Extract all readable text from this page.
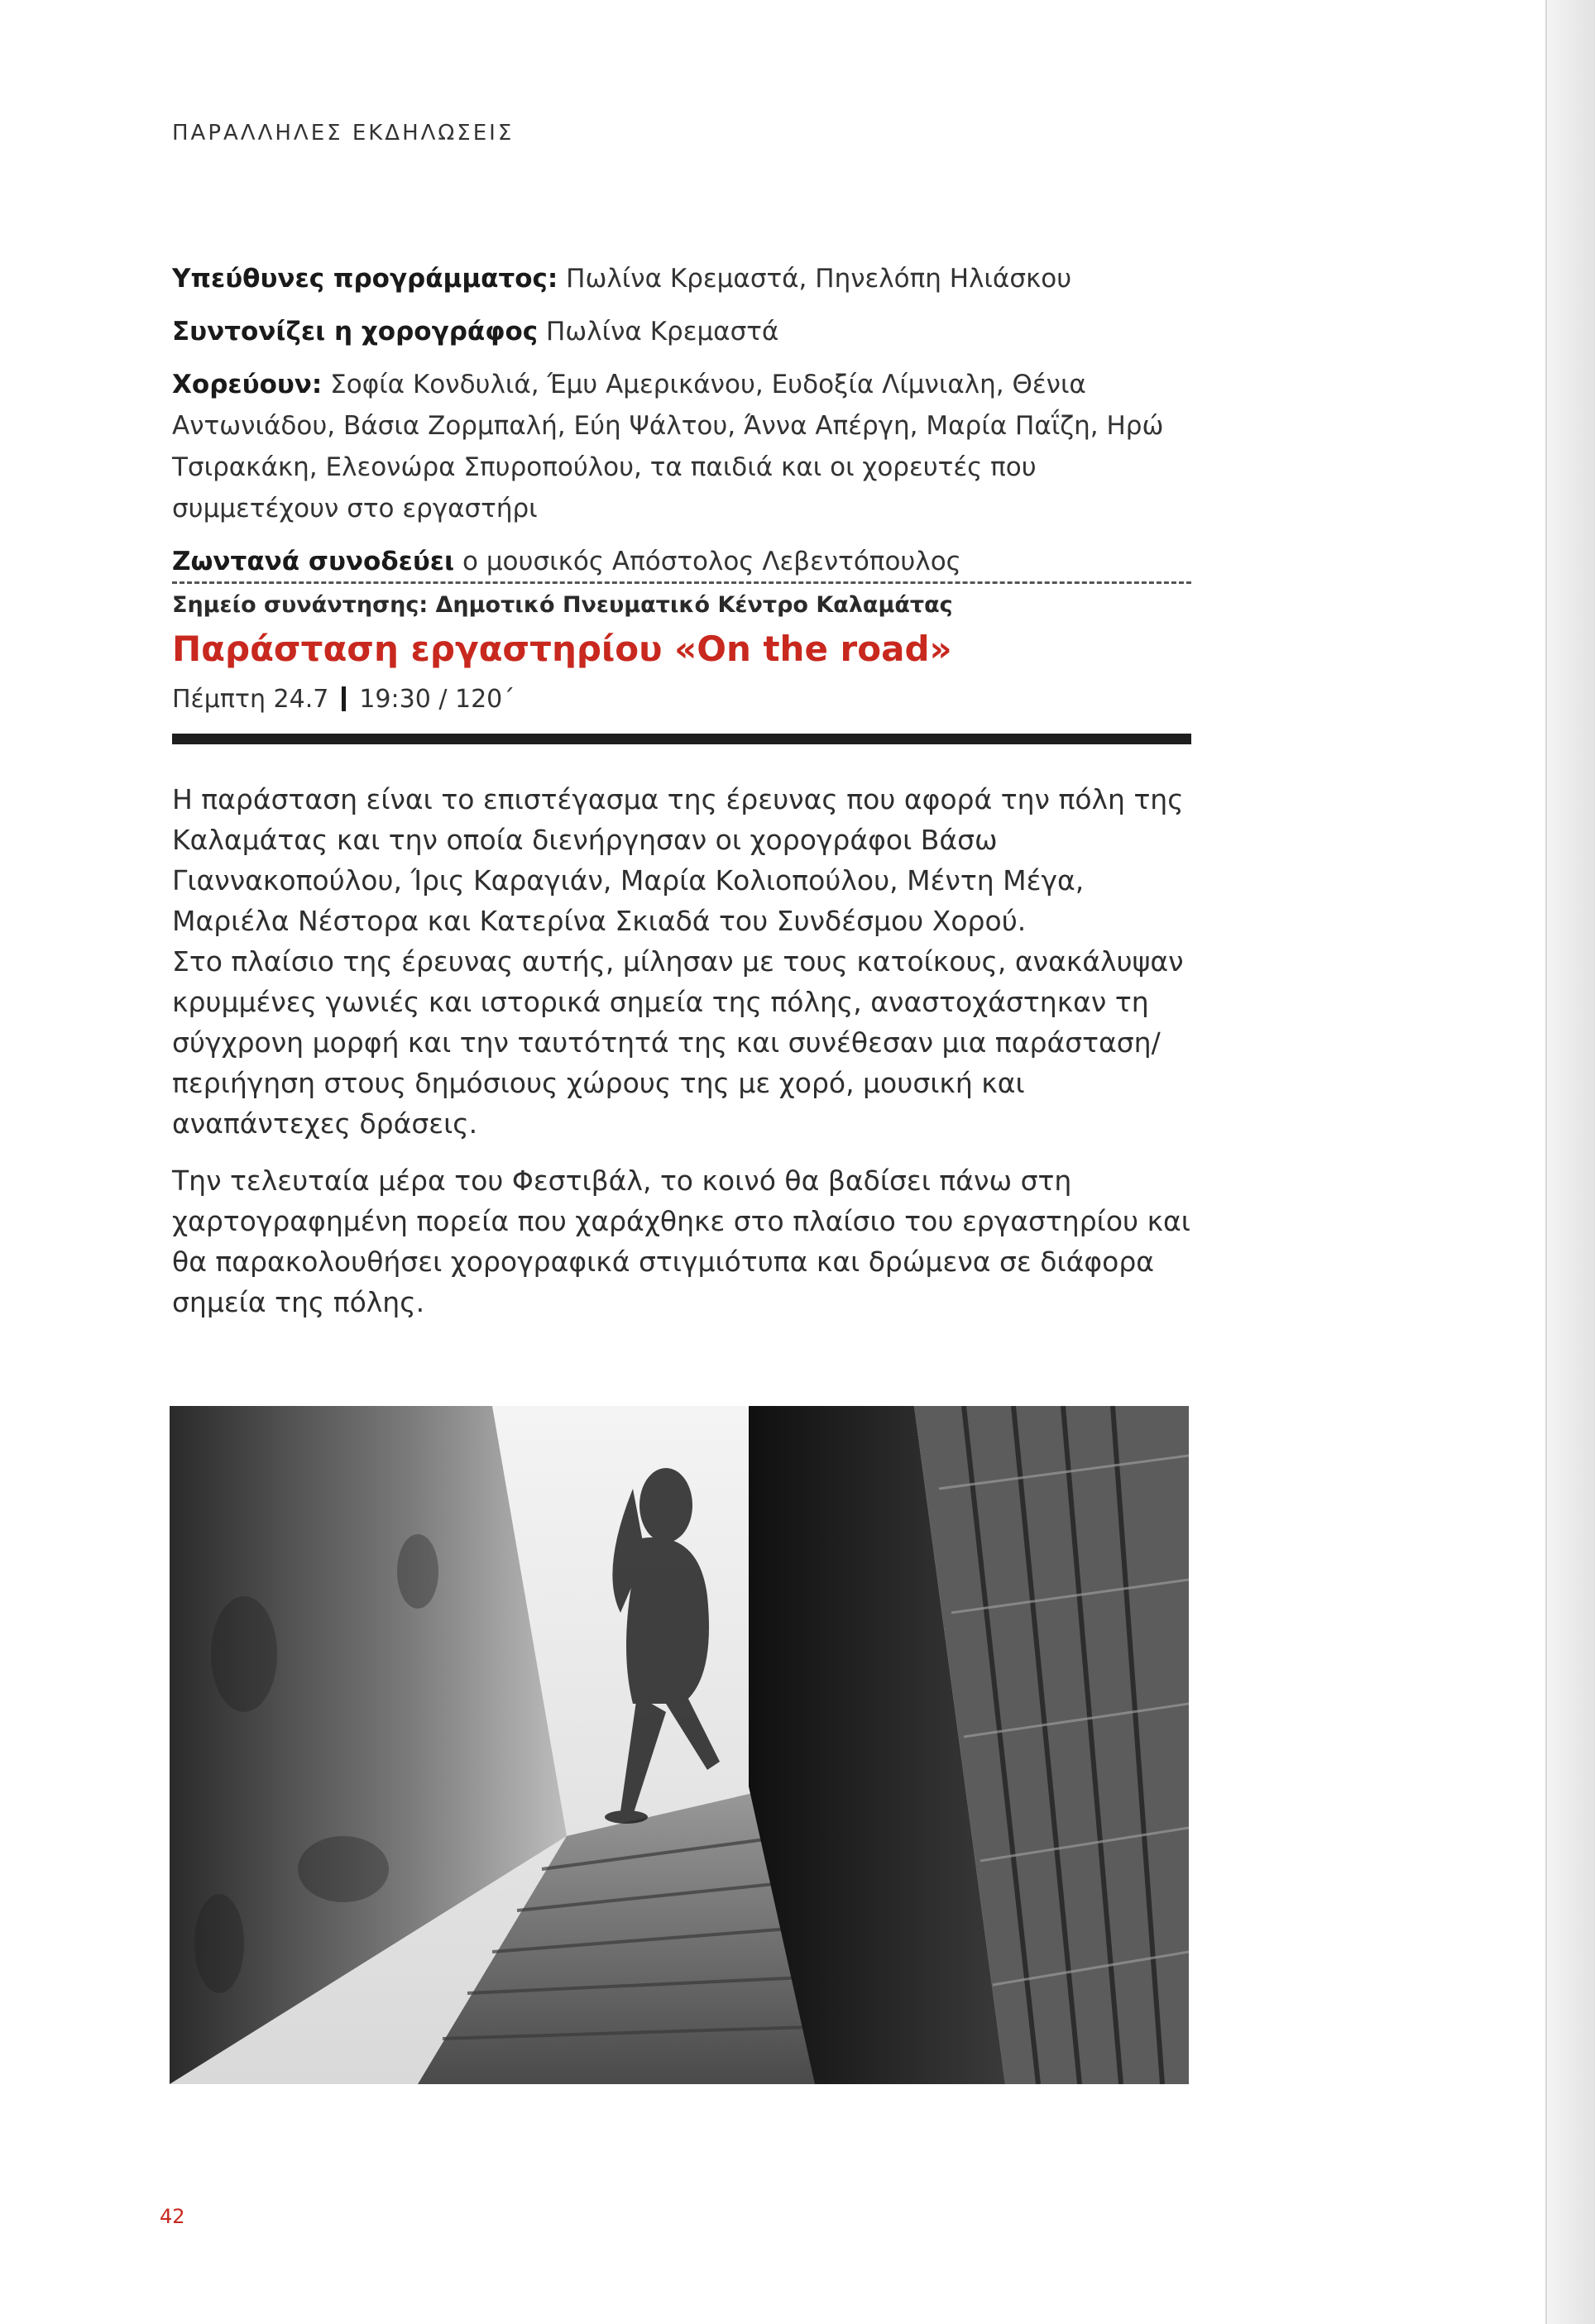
ΠΑΡΑΛΛΗΛΕΣ ΕΚΔΗΛΩΣΕΙΣ

Υπεύθυνες προγράμματος: Πωλίνα Κρεμαστά, Πηνελόπη Ηλιάσκου

Συντονίζει η χορογράφος Πωλίνα Κρεμαστά

Χορεύουν: Σοφία Κονδυλιά, Έμυ Αμερικάνου, Ευδοξία Λίμνιαλη, Θένια Αντωνιάδου, Βάσια Ζορμπαλή, Εύη Ψάλτου, Άννα Απέργη, Μαρία Παΐζη, Ηρώ Τσιρακάκη, Ελεονώρα Σπυροπούλου, τα παιδιά και οι χορευτές που συμμετέχουν στο εργαστήρι

Ζωντανά συνοδεύει ο μουσικός Απόστολος Λεβεντόπουλος

Σημείο συνάντησης: Δημοτικό Πνευματικό Κέντρο Καλαμάτας
Παράσταση εργαστηρίου «On the road»
Πέμπτη 24.7 19:30 / 120΄

Η παράσταση είναι το επιστέγασμα της έρευνας που αφορά την πόλη της Καλαμάτας και την οποία διενήργησαν οι χορογράφοι Βάσω Γιαννακοπούλου, Ίρις Καραγιάν, Μαρία Κολιοπούλου, Μέντη Μέγα, Μαριέλα Νέστορα και Κατερίνα Σκιαδά του Συνδέσμου Χορού.

Στο πλαίσιο της έρευνας αυτής, μίλησαν με τους κατοίκους, ανακάλυψαν κρυμμένες γωνιές και ιστορικά σημεία της πόλης, αναστοχάστηκαν τη σύγχρονη μορφή και την ταυτότητά της και συνέθεσαν μια παράσταση/περιήγηση στους δημόσιους χώρους της με χορό, μουσική και αναπάντεχες δράσεις.

Την τελευταία μέρα του Φεστιβάλ, το κοινό θα βαδίσει πάνω στη χαρτογραφημένη πορεία που χαράχθηκε στο πλαίσιο του εργαστηρίου και θα παρακολουθήσει χορογραφικά στιγμιότυπα και δρώμενα σε διάφορα σημεία της πόλης.

42
